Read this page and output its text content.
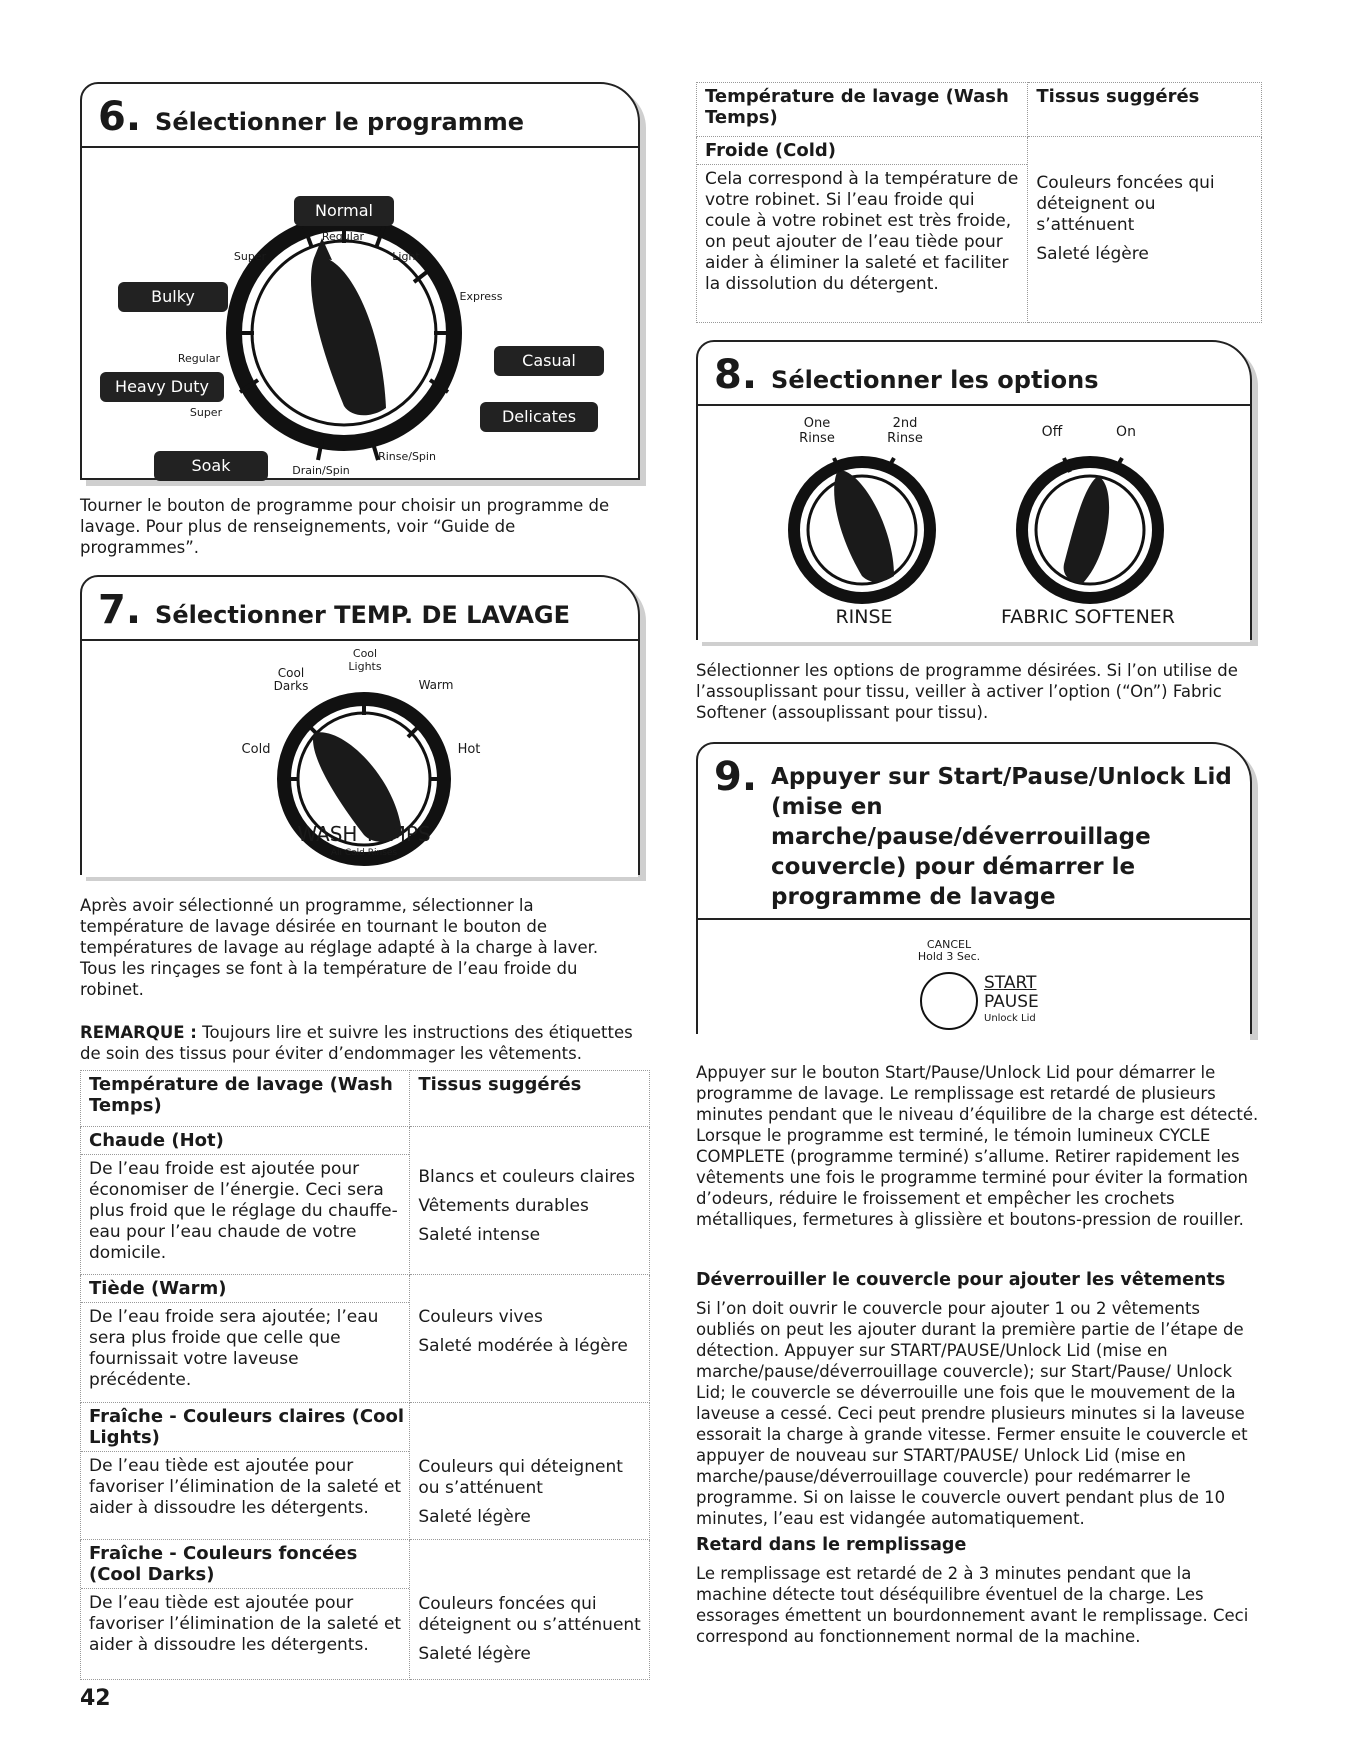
6. Sélectionner le programme
Normal
Regular
Super	Light
Express
Bulky
Casual
Regular
Heavy Duty
Super	Delicates
Soak	Drain/Spin
Rinse/Spin

Tourner le bouton de programme pour choisir un programme de lavage. Pour plus de renseignements, voir “Guide de programmes”.

7. Sélectionner TEMP. DE LAVAGE
Cool Lights
Cool Darks	Warm
Cold	Hot
WASH TEMPS
All Cold Rinses

Après avoir sélectionné un programme, sélectionner la température de lavage désirée en tournant le bouton de températures de lavage au réglage adapté à la charge à laver. Tous les rinçages se font à la température de l’eau froide du robinet.

REMARQUE : Toujours lire et suivre les instructions des étiquettes de soin des tissus pour éviter d’endommager les vêtements.

Température de lavage (Wash Temps)	Tissus suggérés

Chaude (Hot)
De l’eau froide est ajoutée pour économiser de l’énergie. Ceci sera plus froid que le réglage du chauffe-eau pour l’eau chaude de votre domicile.	Blancs et couleurs claires
Vêtements durables
Saleté intense

Tiède (Warm)
De l’eau froide sera ajoutée; l’eau sera plus froide que celle que fournissait votre laveuse précédente.	Couleurs vives
Saleté modérée à légère

Fraîche - Couleurs claires (Cool Lights)
De l’eau tiède est ajoutée pour favoriser l’élimination de la saleté et aider à dissoudre les détergents.	Couleurs qui déteignent ou s’atténuent
Saleté légère

Fraîche - Couleurs foncées (Cool Darks)
De l’eau tiède est ajoutée pour favoriser l’élimination de la saleté et aider à dissoudre les détergents.	Couleurs foncées qui déteignent ou s’atténuent
Saleté légère
42
Température de lavage (Wash Temps)	Tissus suggérés

Froide (Cold)
Cela correspond à la température de votre robinet. Si l’eau froide qui coule à votre robinet est très froide, on peut ajouter de l’eau tiède pour aider à éliminer la saleté et faciliter la dissolution du détergent.	Couleurs foncées qui déteignent ou s’atténuent
Saleté légère
8. Sélectionner les options
One Rinse
2nd Rinse	Off	On
RINSE	FABRIC SOFTENER

Sélectionner les options de programme désirées. Si l’on utilise de l’assouplissant pour tissu, veiller à activer l’option (“On”) Fabric Softener (assouplissant pour tissu).

9. Appuyer sur Start/Pause/Unlock Lid (mise en marche/pause/déverrouillage couvercle) pour démarrer le programme de lavage
CANCEL
Hold 3 Sec.
START
PAUSE
Unlock Lid

Appuyer sur le bouton Start/Pause/Unlock Lid pour démarrer le programme de lavage. Le remplissage est retardé de plusieurs minutes pendant que le niveau d’équilibre de la charge est détecté. Lorsque le programme est terminé, le témoin lumineux CYCLE COMPLETE (programme terminé) s’allume. Retirer rapidement les vêtements une fois le programme terminé pour éviter la formation d’odeurs, réduire le froissement et empêcher les crochets métalliques, fermetures à glissière et boutons-pression de rouiller.

Déverrouiller le couvercle pour ajouter les vêtements

Si l’on doit ouvrir le couvercle pour ajouter 1 ou 2 vêtements oubliés on peut les ajouter durant la première partie de l’étape de détection. Appuyer sur START/PAUSE/Unlock Lid (mise en marche/pause/déverrouillage couvercle); sur Start/Pause/ Unlock Lid; le couvercle se déverrouille une fois que le mouvement de la laveuse a cessé. Ceci peut prendre plusieurs minutes si la laveuse essorait la charge à grande vitesse. Fermer ensuite le couvercle et appuyer de nouveau sur START/PAUSE/ Unlock Lid (mise en marche/pause/déverrouillage couvercle) pour redémarrer le programme. Si on laisse le couvercle ouvert pendant plus de 10 minutes, l’eau est vidangée automatiquement.

Retard dans le remplissage

Le remplissage est retardé de 2 à 3 minutes pendant que la machine détecte tout déséquilibre éventuel de la charge. Les essorages émettent un bourdonnement avant le remplissage. Ceci correspond au fonctionnement normal de la machine.
